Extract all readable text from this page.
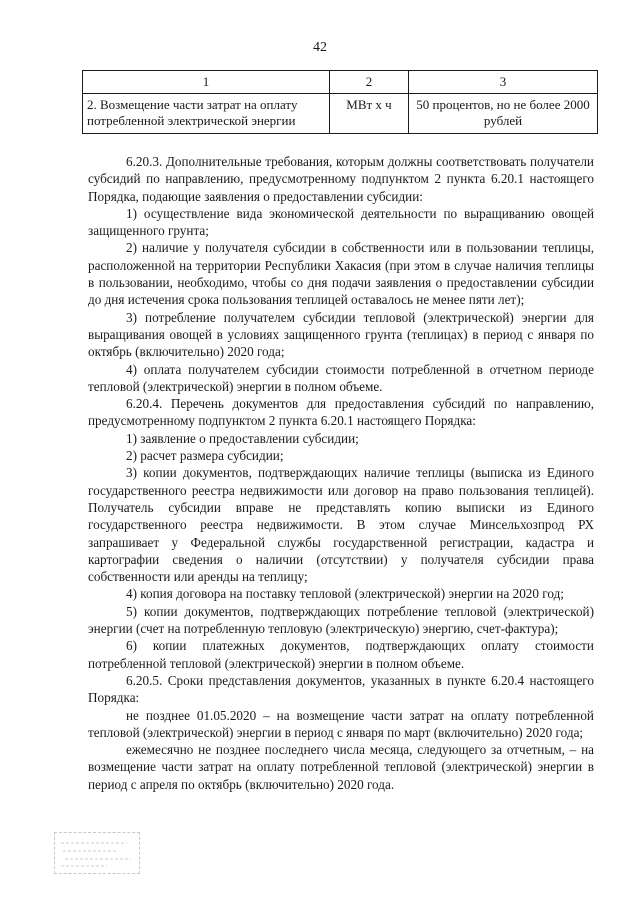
42
1	2	3
2. Возмещение части затрат на оплату потребленной электрической энергии	МВт х ч	50 процентов, но не более 2000 рублей

6.20.3. Дополнительные требования, которым должны соответствовать получатели субсидий по направлению, предусмотренному подпунктом 2 пункта 6.20.1 настоящего Порядка, подающие заявления о предоставлении субсидии:

1) осуществление вида экономической деятельности по выращиванию овощей защищенного грунта;

2) наличие у получателя субсидии в собственности или в пользовании теплицы, расположенной на территории Республики Хакасия (при этом в случае наличия теплицы в пользовании, необходимо, чтобы со дня подачи заявления о предоставлении субсидии до дня истечения срока пользования теплицей оставалось не менее пяти лет);

3) потребление получателем субсидии тепловой (электрической) энергии для выращивания овощей в условиях защищенного грунта (теплицах) в период с января по октябрь (включительно) 2020 года;

4) оплата получателем субсидии стоимости потребленной в отчетном периоде тепловой (электрической) энергии в полном объеме.

6.20.4. Перечень документов для предоставления субсидий по направлению, предусмотренному подпунктом 2 пункта 6.20.1 настоящего Порядка:

1) заявление о предоставлении субсидии;

2) расчет размера субсидии;

3) копии документов, подтверждающих наличие теплицы (выписка из Единого государственного реестра недвижимости или договор на право пользования теплицей). Получатель субсидии вправе не представлять копию выписки из Единого государственного реестра недвижимости. В этом случае Минсельхозпрод РХ запрашивает у Федеральной службы государственной регистрации, кадастра и картографии сведения о наличии (отсутствии) у получателя субсидии права собственности или аренды на теплицу;

4) копия договора на поставку тепловой (электрической) энергии на 2020 год;

5) копии документов, подтверждающих потребление тепловой (электрической) энергии (счет на потребленную тепловую (электрическую) энергию, счет-фактура);

6) копии платежных документов, подтверждающих оплату стоимости потребленной тепловой (электрической) энергии в полном объеме.

6.20.5. Сроки представления документов, указанных в пункте 6.20.4 настоящего Порядка:

не позднее 01.05.2020 – на возмещение части затрат на оплату потребленной тепловой (электрической) энергии в период с января по март (включительно) 2020 года;

ежемесячно не позднее последнего числа месяца, следующего за отчетным, – на возмещение части затрат на оплату потребленной тепловой (электрической) энергии в период с апреля по октябрь (включительно) 2020 года.
